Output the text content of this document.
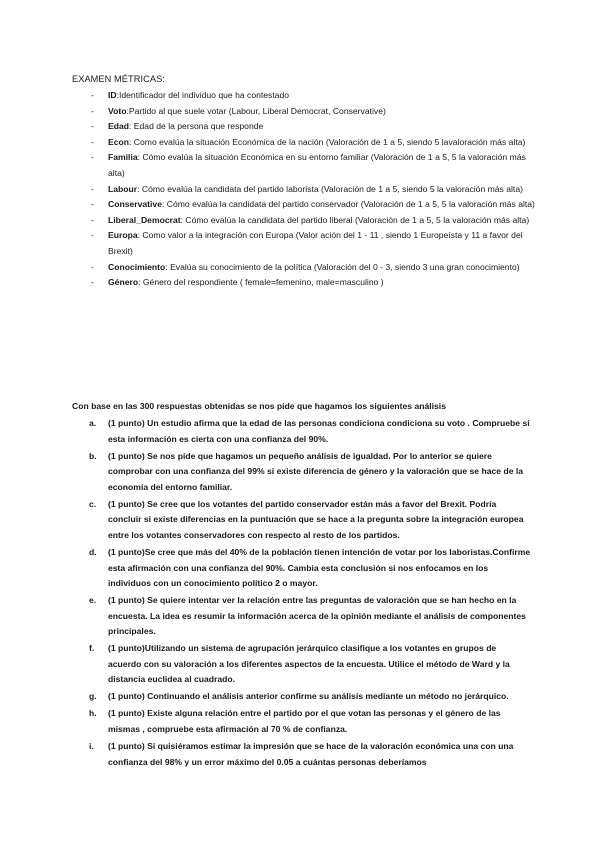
EXAMEN MÉTRICAS:
- ID:Identificador del individuo que ha contestado
- Voto:Partido al que suele votar (Labour, Liberal Democrat, Conservative)
- Edad: Edad de la persona que responde
- Econ: Como evalúa la situación Económica de la nación (Valoración de 1 a 5, siendo 5 lavaloración más alta)
- Familia: Cómo evalúa la situación Económica en su entorno familiar (Valoración de 1 a 5, 5 la valoración más alta)
- Labour: Cómo evalúa la candidata del partido laborista (Valoración de 1 a 5, siendo 5 la valoración más alta)
- Conservative: Cómo evalúa la candidata del partido conservador (Valoración de 1 a 5, 5 la valoración más alta)
- Liberal_Democrat: Cómo evalúa la candidata del partido liberal (Valoración de 1 a 5, 5 la valoración más alta)
- Europa: Como valor a la integración con Europa (Valor ación del 1 - 11 , siendo 1 Europeísta y 11 a favor del Brexit)
- Conocimiento: Evalúa su conocimiento de la política (Valoración del 0 - 3, siendo 3 una gran conocimiento)
- Género: Género del respondiente ( female=femenino, male=masculino )
Con base en las 300 respuestas obtenidas se nos pide que hagamos los siguientes análisis
a. (1 punto) Un estudio afirma que la edad de las personas condiciona condiciona su voto . Compruebe si esta información es cierta con una confianza del 90%.
b. (1 punto) Se nos pide que hagamos un pequeño análisis de igualdad. Por lo anterior se quiere comprobar con una confianza del 99% si existe diferencia de género y la valoración que se hace de la economía del entorno familiar.
c. (1 punto) Se cree que los votantes del partido conservador están más a favor del Brexit. Podría concluir si existe diferencias en la puntuación que se hace a la pregunta sobre la integración europea entre los votantes conservadores con respecto al resto de los partidos.
d. (1 punto)Se cree que más del 40% de la población tienen intención de votar por los laboristas.Confirme esta afirmación con una confianza del 90%. Cambia esta conclusión si nos enfocamos en los individuos con un conocimiento político 2 o mayor.
e. (1 punto) Se quiere intentar ver la relación entre las preguntas de valoración que se han hecho en la encuesta. La idea es resumir la información acerca de la opinión mediante el análisis de componentes principales.
f. (1 punto)Utilizando un sistema de agrupación jerárquico clasifique a los votantes en grupos de acuerdo con su valoración a los diferentes aspectos de la encuesta. Utilice el método de Ward y la distancia euclidea al cuadrado.
g. (1 punto) Continuando el análisis anterior confirme su análisis mediante un método no jerárquico.
h. (1 punto) Existe alguna relación entre el partido por el que votan las personas y el género de las mismas , compruebe esta afirmación al 70 % de confianza.
i. (1 punto) Si quisiéramos estimar la impresión que se hace de la valoración económica una con una confianza del 98% y un error máximo del 0.05 a cuántas personas deberíamos
